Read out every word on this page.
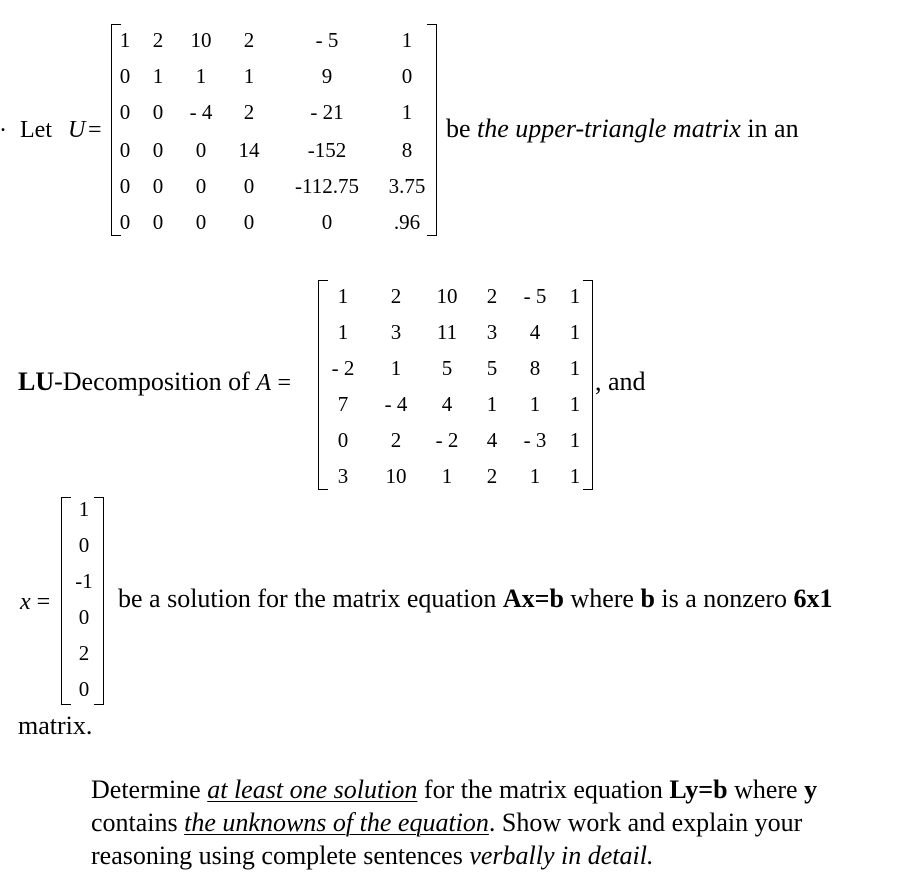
. Let U =
1	2	10	2	- 5	1
0	1	1	1	9	0
0	0	- 4	2	- 21	1
0	0	0	14	-152	8
0	0	0	0	-112.75	3.75
0	0	0	0	0	.96
be the upper-triangle matrix in an
LU-Decomposition of A =
1	2	10	2	- 5	1
1	3	11	3	4	1
- 2	1	5	5	8	1
7	- 4	4	1	1	1
0	2	- 2	4	- 3	1
3	10	1	2	1	1
, and
x =
1
0
-1
0
2
0
be a solution for the matrix equation Ax=b where b is a nonzero 6x1
matrix.
Determine at least one solution for the matrix equation Ly=b where y
contains the unknowns of the equation. Show work and explain your
reasoning using complete sentences verbally in detail.
